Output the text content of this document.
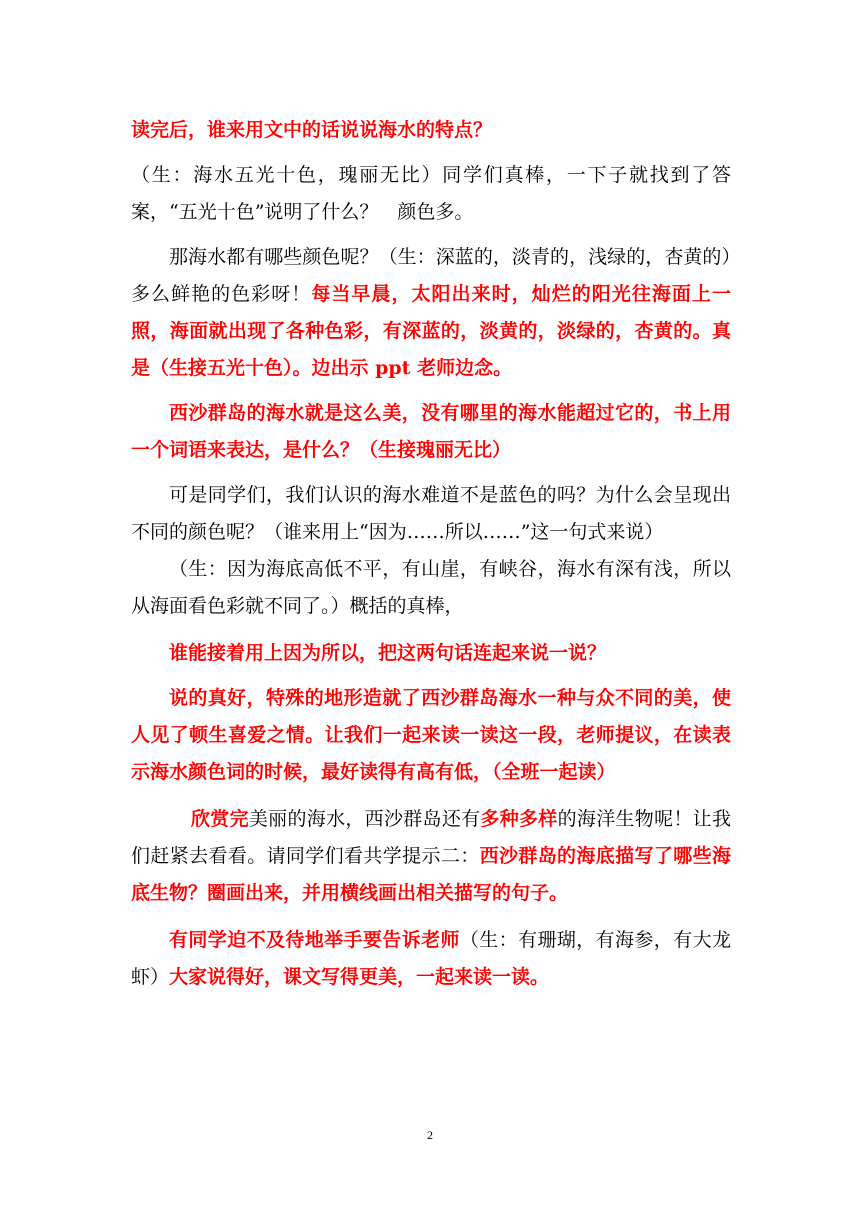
读完后，谁来用文中的话说说海水的特点？

（生：海水五光十色，瑰丽无比）同学们真棒，一下子就找到了答案，“五光十色”说明了什么？　颜色多。

那海水都有哪些颜色呢？（生：深蓝的，淡青的，浅绿的，杏黄的）多么鲜艳的色彩呀！每当早晨，太阳出来时，灿烂的阳光往海面上一照，海面就出现了各种色彩，有深蓝的，淡黄的，淡绿的，杏黄的。真是（生接五光十色）。边出示 ppt 老师边念。

西沙群岛的海水就是这么美，没有哪里的海水能超过它的，书上用一个词语来表达，是什么？（生接瑰丽无比）

可是同学们，我们认识的海水难道不是蓝色的吗？为什么会呈现出不同的颜色呢？（谁来用上“因为……所以……”这一句式来说）

（生：因为海底高低不平，有山崖，有峡谷，海水有深有浅，所以从海面看色彩就不同了。）概括的真棒，

谁能接着用上因为所以，把这两句话连起来说一说？

说的真好，特殊的地形造就了西沙群岛海水一种与众不同的美，使人见了顿生喜爱之情。让我们一起来读一读这一段，老师提议，在读表示海水颜色词的时候，最好读得有高有低，（全班一起读）

欣赏完美丽的海水，西沙群岛还有多种多样的海洋生物呢！让我们赶紧去看看。请同学们看共学提示二：西沙群岛的海底描写了哪些海底生物？圈画出来，并用横线画出相关描写的句子。

有同学迫不及待地举手要告诉老师（生：有珊瑚，有海参，有大龙虾）大家说得好，课文写得更美，一起来读一读。

2
